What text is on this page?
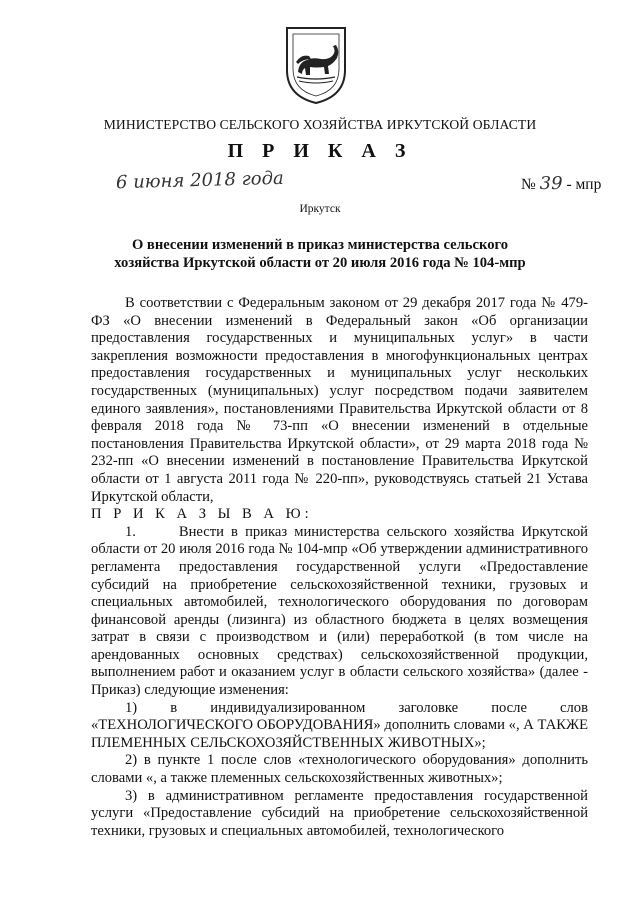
МИНИСТЕРСТВО СЕЛЬСКОГО ХОЗЯЙСТВА ИРКУТСКОЙ ОБЛАСТИ
П Р И К А З
6 июня 2018 года	№ 39 - мпр
Иркутск
О внесении изменений в приказ министерства сельского
хозяйства Иркутской области от 20 июля 2016 года № 104-мпр

В соответствии с Федеральным законом от 29 декабря 2017 года № 479-ФЗ «О внесении изменений в Федеральный закон «Об организации предоставления государственных и муниципальных услуг» в части закрепления возможности предоставления в многофункциональных центрах предоставления государственных и муниципальных услуг нескольких государственных (муниципальных) услуг посредством подачи заявителем единого заявления», постановлениями Правительства Иркутской области от 8 февраля 2018 года № 73-пп «О внесении изменений в отдельные постановления Правительства Иркутской области», от 29 марта 2018 года № 232-пп «О внесении изменений в постановление Правительства Иркутской области от 1 августа 2011 года № 220-пп», руководствуясь статьей 21 Устава Иркутской области,

П Р И К А З Ы В А Ю:

1.      Внести в приказ министерства сельского хозяйства Иркутской области от 20 июля 2016 года № 104-мпр «Об утверждении административного регламента предоставления государственной услуги «Предоставление субсидий на приобретение сельскохозяйственной техники, грузовых и специальных автомобилей, технологического оборудования по договорам финансовой аренды (лизинга) из областного бюджета в целях возмещения затрат в связи с производством и (или) переработкой (в том числе на арендованных основных средствах) сельскохозяйственной продукции, выполнением работ и оказанием услуг в области сельского хозяйства» (далее - Приказ) следующие изменения:

1) в индивидуализированном заголовке после слов «ТЕХНОЛОГИЧЕСКОГО ОБОРУДОВАНИЯ» дополнить словами «, А ТАКЖЕ ПЛЕМЕННЫХ СЕЛЬСКОХОЗЯЙСТВЕННЫХ ЖИВОТНЫХ»;

2) в пункте 1 после слов «технологического оборудования» дополнить словами «, а также племенных сельскохозяйственных животных»;

3) в административном регламенте предоставления государственной услуги «Предоставление субсидий на приобретение сельскохозяйственной техники, грузовых и специальных автомобилей, технологического
